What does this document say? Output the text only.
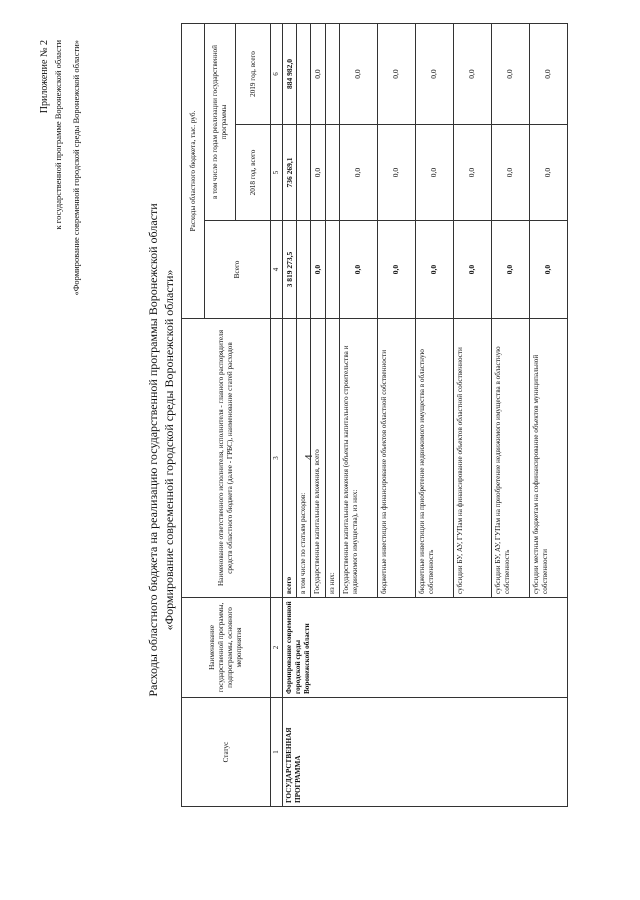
4
Приложение № 2 к государственной программе Воронежской области «Формирование современной городской среды Воронежской области»
Расходы областного бюджета на реализацию государственной программы Воронежской области «Формирование современной городской среды Воронежской области»
Статус	Наименование государственной программы, подпрограммы, основного мероприятия	Наименование ответственного исполнителя, исполнителя - главного распорядителя средств областного бюджета (далее - ГРБС), наименование статей расходов	Расходы областного бюджета, тыс. руб.		
			Всего	в том числе по годам реализации государственной программы	
				2018 год, всего	2019 год, всего
1	2	3	4	5	6
ГОСУДАРСТВЕННАЯ ПРОГРАММА	Формирование современной городской среды Воронежской области	всего	3 819 273,5	736 269,1	884 982,0
		в том числе по статьям расходов:			
		Государственные капитальные вложения, всего	0,0	0,0	0,0
		из них:			
		Государственные капитальные вложения (объекты капитального строительства и недвижимого имущества), из них:	0,0	0,0	0,0
		бюджетные инвестиции на финансирование объектов областной собственности	0,0	0,0	0,0
		бюджетные инвестиции на приобретение недвижимого имущества в областную собственность	0,0	0,0	0,0
		субсидии БУ, АУ, ГУПам на финансирование объектов областной собственности	0,0	0,0	0,0
		субсидии БУ, АУ, ГУПам на приобретение недвижимого имущества в областную собственность	0,0	0,0	0,0
		субсидии местным бюджетам на софинансирование объектов муниципальной собственности	0,0	0,0	0,0
